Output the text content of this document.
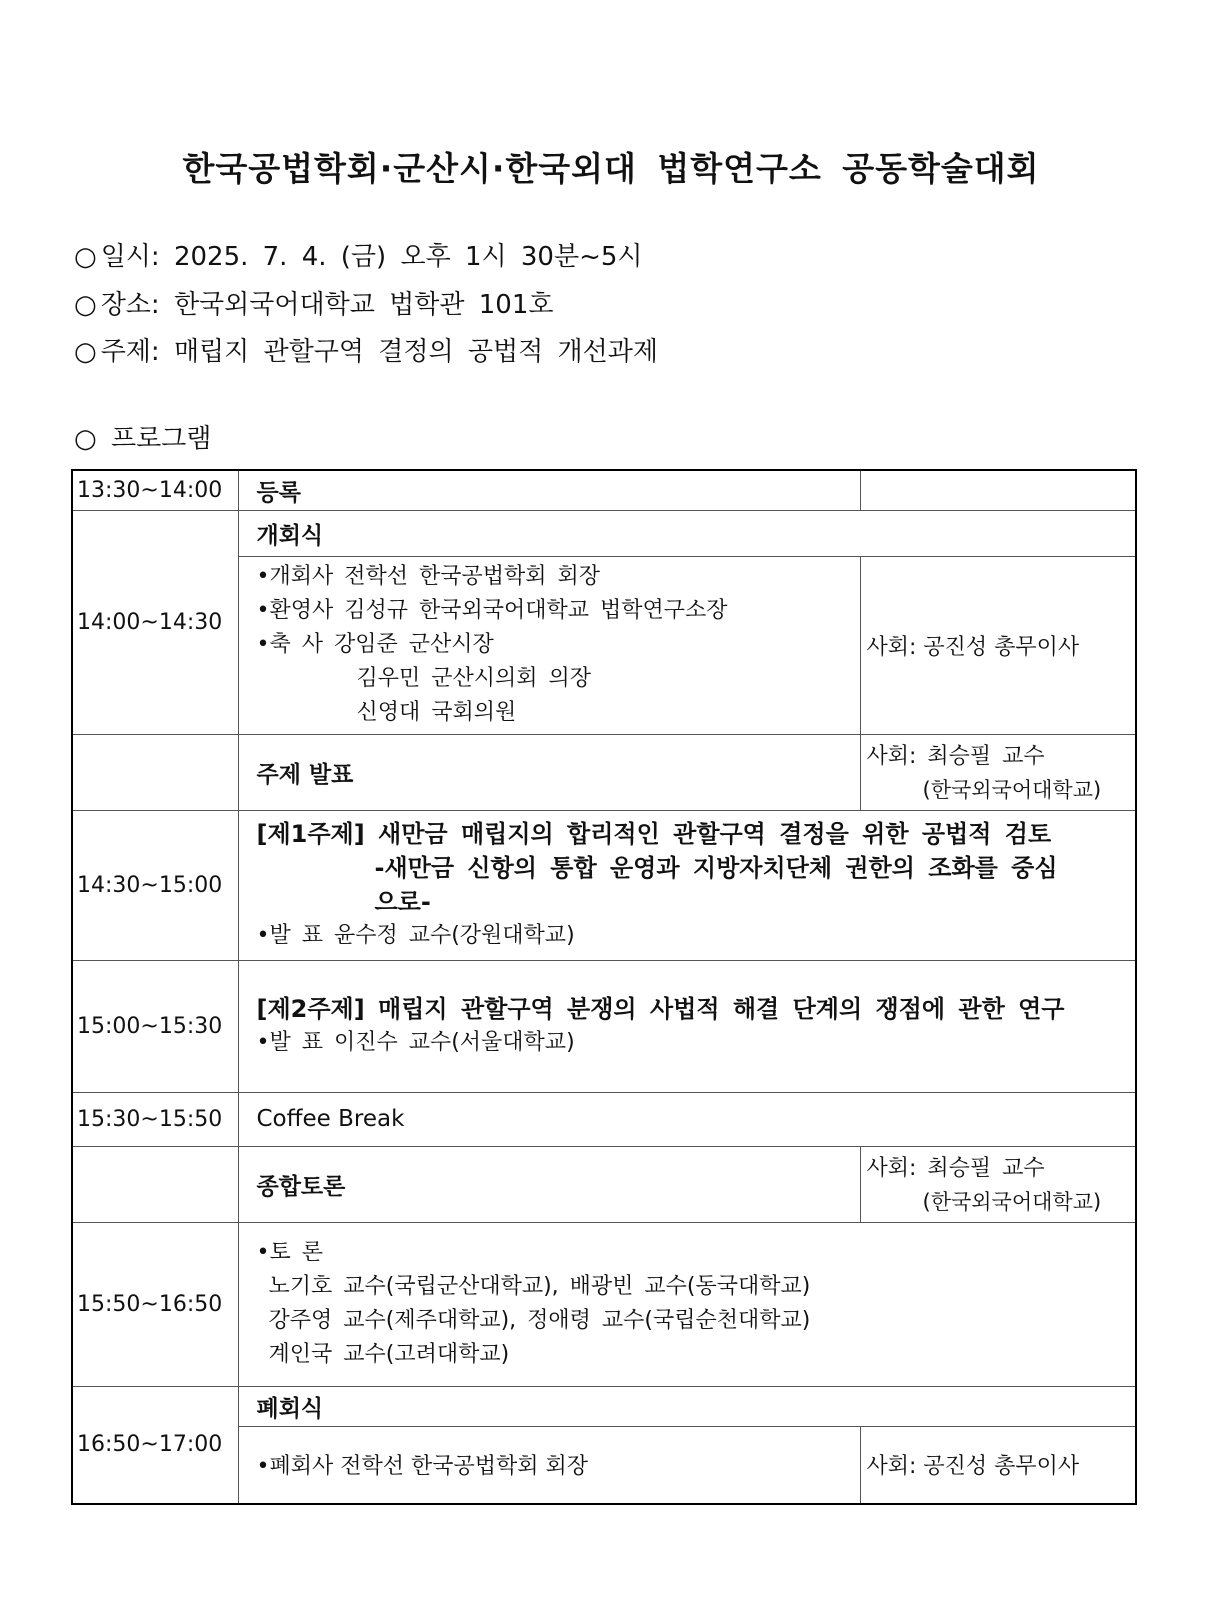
한국공법학회·군산시·한국외대 법학연구소 공동학술대회
○ 일시: 2025. 7. 4. (금) 오후 1시 30분~5시
○ 장소: 한국외국어대학교 법학관 101호
○ 주제: 매립지 관할구역 결정의 공법적 개선과제
○ 프로그램
13:30~14:00	등록	
14:00~14:30	개회식	

	•개회사 전학선 한국공법학회 회장
•환영사 김성규 한국외국어대학교 법학연구소장
•축 사 강임준 군산시장
김우민 군산시의회 의장
신영대 국회의원	사회: 공진성 총무이사
	주제 발표	사회: 최승필 교수
(한국외국어대학교)

14:30~15:00	[제1주제] 새만금 매립지의 합리적인 관할구역 결정을 위한 공법적 검토
-새만금 신항의 통합 운영과 지방자치단체 권한의 조화를 중심
으로-
•발 표 윤수정 교수(강원대학교)	

15:00~15:30	[제2주제] 매립지 관할구역 분쟁의 사법적 해결 단계의 쟁점에 관한 연구
•발 표 이진수 교수(서울대학교)	

15:30~15:50	Coffee Break	
	종합토론	사회: 최승필 교수
(한국외국어대학교)

15:50~16:50	•토 론
노기호 교수(국립군산대학교), 배광빈 교수(동국대학교)
강주영 교수(제주대학교), 정애령 교수(국립순천대학교)
계인국 교수(고려대학교)	

16:50~17:00	폐회식	
	•폐회사 전학선 한국공법학회 회장	사회: 공진성 총무이사
